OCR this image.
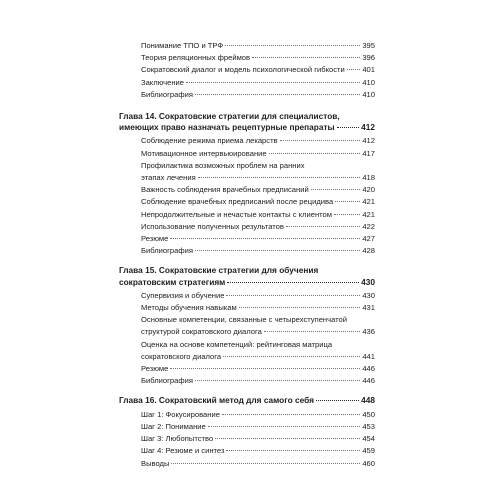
Понимание ТПО и ТРФ	395
Теория реляционных фреймов	396
Сократовский диалог и модель психологической гибкости 401
Заключение	410
Библиография	410
Глава 14. Сократовские стратегии для специалистов,
имеющих право назначать рецептурные препараты	412
Соблюдение режима приема лекарств	412
Мотивационное интервьюирование	417
Профилактика возможных проблем на ранних
этапах лечения	418
Важность соблюдения врачебных предписаний	420
Соблюдение врачебных предписаний после рецидива	421
Непродолжительные и нечастые контакты с клиентом	421
Использование полученных результатов	422
Резюме	427
Библиография	428
Глава 15. Сократовские стратегии для обучения
сократовским стратегиям	430
Супервизия и обучение	430
Методы обучения навыкам	431
Основные компетенции, связанные с четырехступенчатой
структурой сократовского диалога	436
Оценка на основе компетенций: рейтинговая матрица
сократовского диалога	441
Резюме	446
Библиография	446
Глава 16. Сократовский метод для самого себя	448
Шаг 1: Фокусирование	450
Шаг 2: Понимание	453
Шаг 3: Любопытство	454
Шаг 4: Резюме и синтез	459
Выводы	460
